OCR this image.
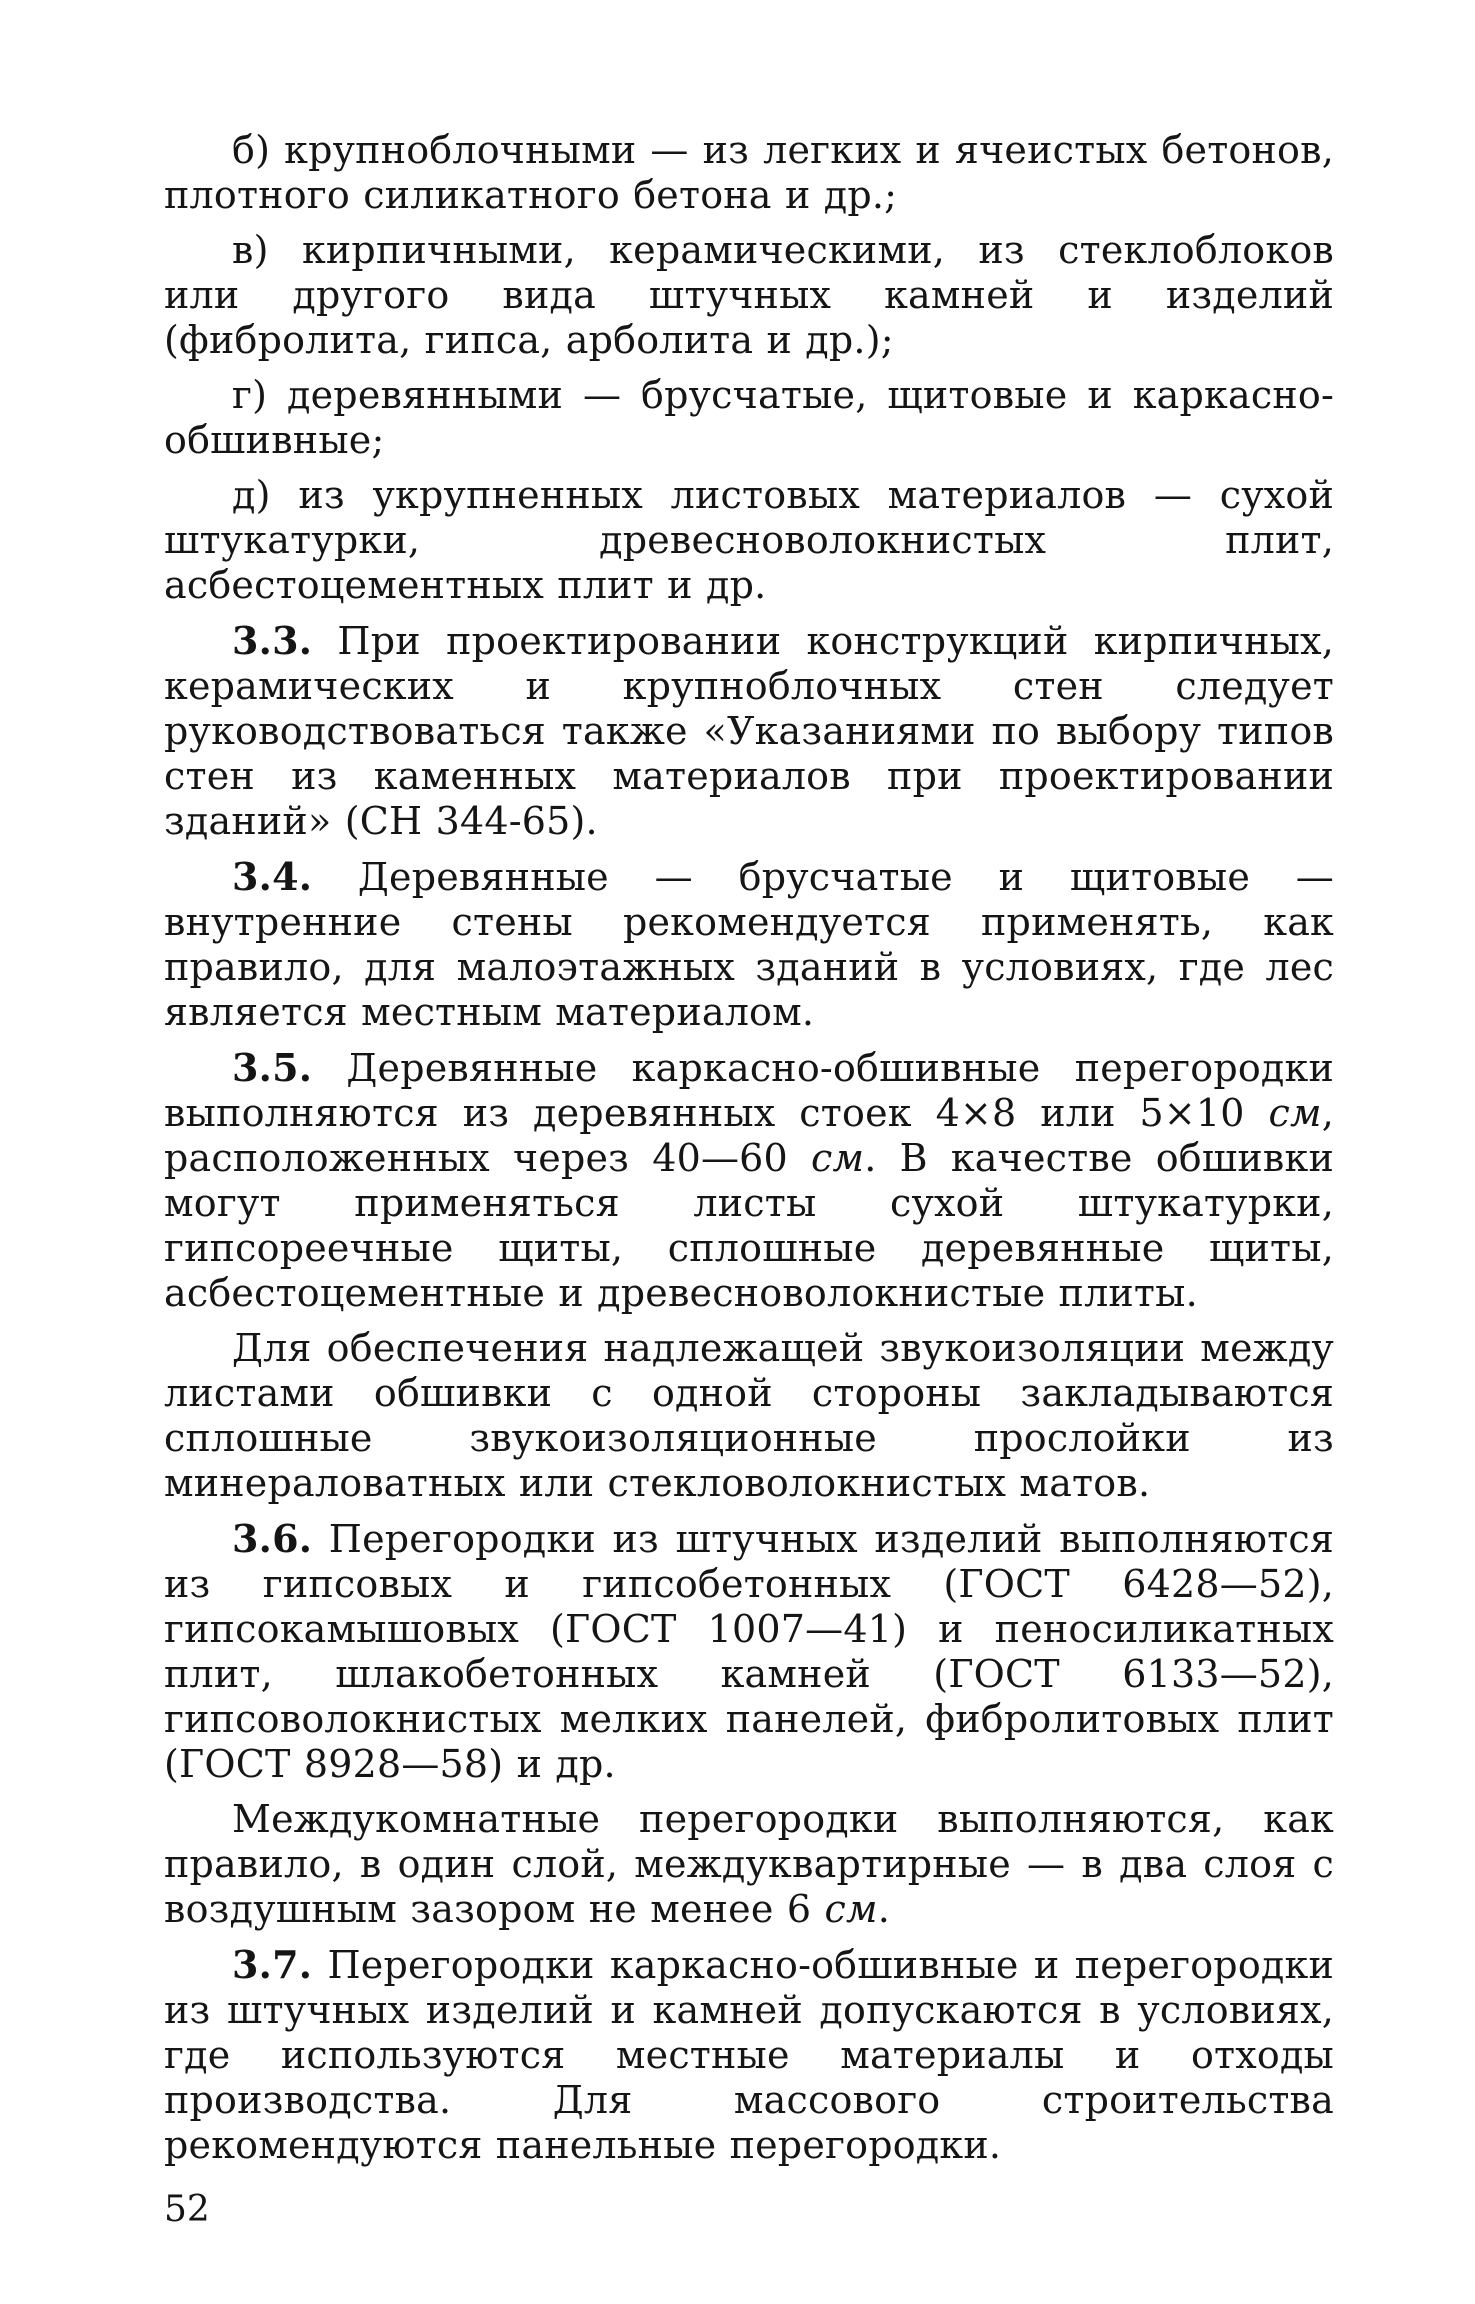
б) крупноблочными — из легких и ячеистых бетонов, плотного силикатного бетона и др.;

в) кирпичными, керамическими, из стеклоблоков или другого вида штучных камней и изделий (фибролита, гипса, арболита и др.);

г) деревянными — брусчатые, щитовые и каркасно-обшивные;

д) из укрупненных листовых материалов — сухой штукатурки, древесноволокнистых плит, асбестоцементных плит и др.

3.3. При проектировании конструкций кирпичных, керамических и крупноблочных стен следует руководствоваться также «Указаниями по выбору типов стен из каменных материалов при проектировании зданий» (СН 344-65).

3.4. Деревянные — брусчатые и щитовые — внутренние стены рекомендуется применять, как правило, для малоэтажных зданий в условиях, где лес является местным материалом.

3.5. Деревянные каркасно-обшивные перегородки выполняются из деревянных стоек 4×8 или 5×10 см, расположенных через 40—60 см. В качестве обшивки могут применяться листы сухой штукатурки, гипсореечные щиты, сплошные деревянные щиты, асбестоцементные и древесноволокнистые плиты.

Для обеспечения надлежащей звукоизоляции между листами обшивки с одной стороны закладываются сплошные звукоизоляционные прослойки из минераловатных или стекловолокнистых матов.

3.6. Перегородки из штучных изделий выполняются из гипсовых и гипсобетонных (ГОСТ 6428—52), гипсокамышовых (ГОСТ 1007—41) и пеносиликатных плит, шлакобетонных камней (ГОСТ 6133—52), гипсоволокнистых мелких панелей, фибролитовых плит (ГОСТ 8928—58) и др.

Междукомнатные перегородки выполняются, как правило, в один слой, междуквартирные — в два слоя с воздушным зазором не менее 6 см.

3.7. Перегородки каркасно-обшивные и перегородки из штучных изделий и камней допускаются в условиях, где используются местные материалы и отходы производства. Для массового строительства рекомендуются панельные перегородки.

52
